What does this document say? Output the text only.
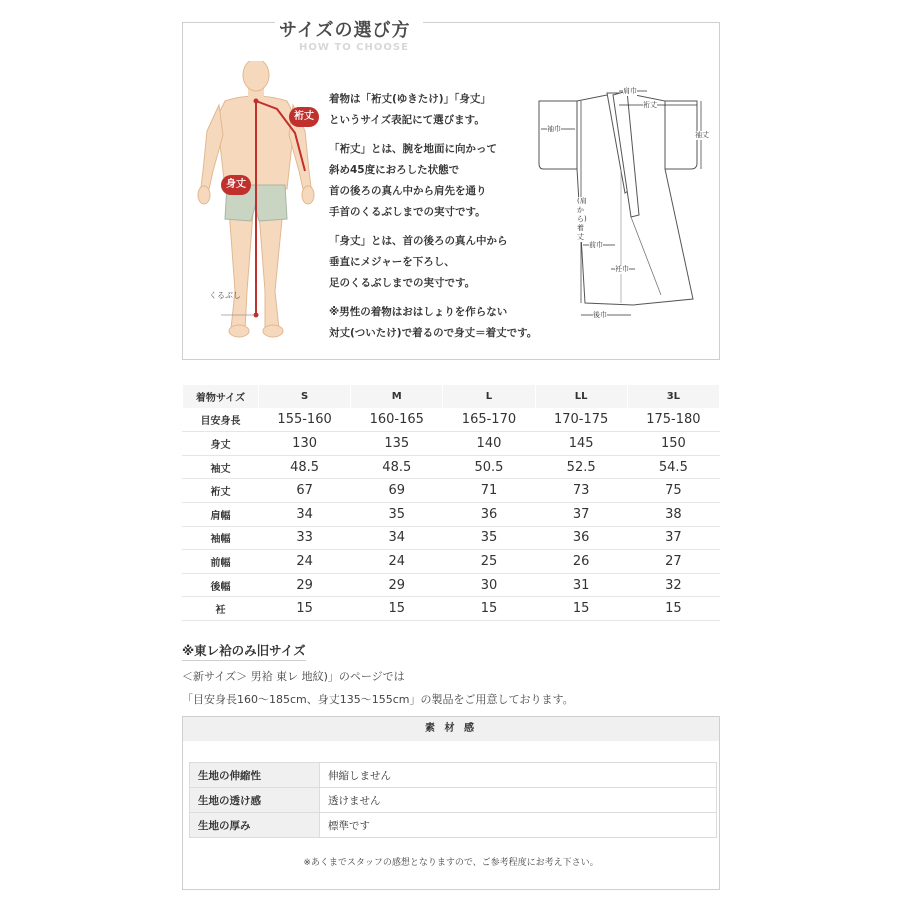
サイズの選び方
HOW TO CHOOSE
裄丈
身丈
くるぶし

着物は「裄丈(ゆきたけ)」「身丈」

というサイズ表記にて選びます。

「裄丈」とは、腕を地面に向かって

斜め45度におろした状態で

首の後ろの真ん中から肩先を通り

手首のくるぶしまでの実寸です。

「身丈」とは、首の後ろの真ん中から

垂直にメジャーを下ろし、

足のくるぶしまでの実寸です。

※男性の着物はおはしょりを作らない

対丈(ついたけ)で着るので身丈＝着丈です。

肩巾
裄丈
袖巾
袖丈
(肩から)着丈
前巾
衽巾
後巾
着物サイズ	S	M	L	LL	3L
目安身長	155-160	160-165	165-170	170-175	175-180
身丈	130	135	140	145	150
袖丈	48.5	48.5	50.5	52.5	54.5
裄丈	67	69	71	73	75
肩幅	34	35	36	37	38
袖幅	33	34	35	36	37
前幅	24	24	25	26	27
後幅	29	29	30	31	32
衽	15	15	15	15	15
※東レ袷のみ旧サイズ
＜新サイズ＞ 男袷 東レ 地紋)」のページでは
「目安身長160～185cm、身丈135～155cm」の製品をご用意しております。
素 材 感
生地の伸縮性	伸縮しません
生地の透け感	透けません
生地の厚み	標準です
※あくまでスタッフの感想となりますので、ご参考程度にお考え下さい。
